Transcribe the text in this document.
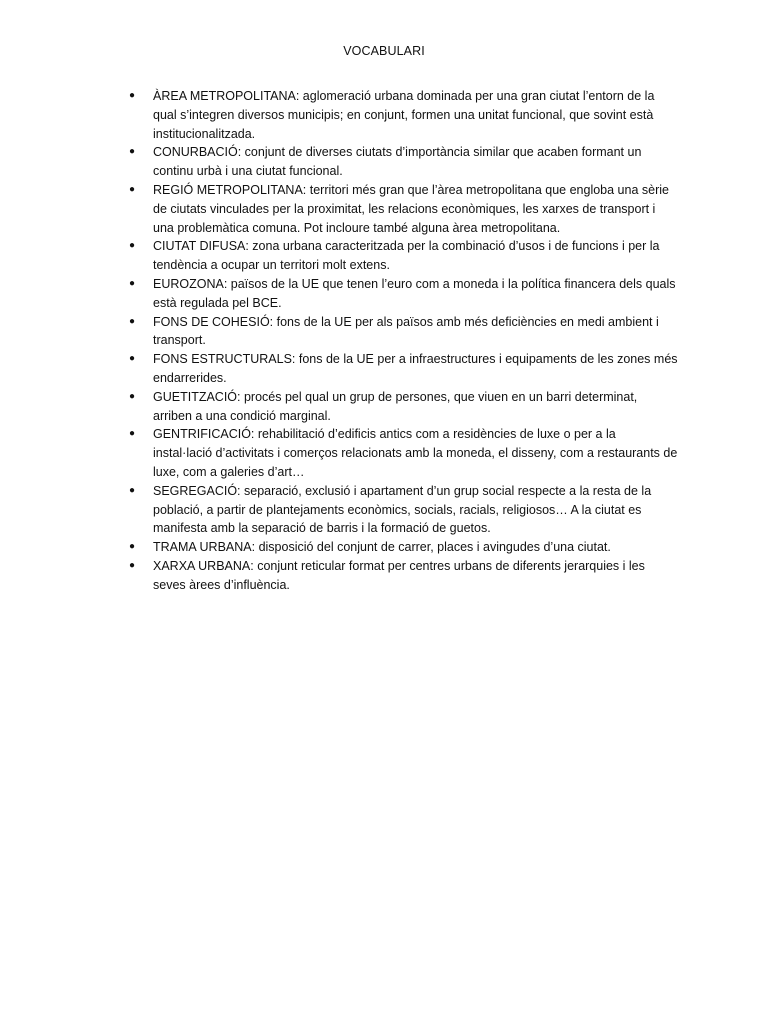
VOCABULARI
● ÀREA METROPOLITANA: aglomeració urbana dominada per una gran ciutat l’entorn de la qual s’integren diversos municipis; en conjunt, formen una unitat funcional, que sovint està institucionalitzada.
● CONURBACIÓ: conjunt de diverses ciutats d’importància similar que acaben formant un continu urbà i una ciutat funcional.
● REGIÓ METROPOLITANA: territori més gran que l’àrea metropolitana que engloba una sèrie de ciutats vinculades per la proximitat, les relacions econòmiques, les xarxes de transport i una problemàtica comuna. Pot incloure també alguna àrea metropolitana.
● CIUTAT DIFUSA: zona urbana caracteritzada per la combinació d’usos i de funcions i per la tendència a ocupar un territori molt extens.
● EUROZONA: països de la UE que tenen l’euro com a moneda i la política financera dels quals està regulada pel BCE.
● FONS DE COHESIÓ: fons de la UE per als països amb més deficiències en medi ambient i transport.
● FONS ESTRUCTURALS: fons de la UE per a infraestructures i equipaments de les zones més endarrerides.
● GUETITZACIÓ: procés pel qual un grup de persones, que viuen en un barri determinat, arriben a una condició marginal.
● GENTRIFICACIÓ: rehabilitació d’edificis antics com a residències de luxe o per a la instal·lació d’activitats i comerços relacionats amb la moneda, el disseny, com a restaurants de luxe, com a galeries d’art…
● SEGREGACIÓ: separació, exclusió i apartament d’un grup social respecte a la resta de la població, a partir de plantejaments econòmics, socials, racials, religiosos… A la ciutat es manifesta amb la separació de barris i la formació de guetos.
● TRAMA URBANA: disposició del conjunt de carrer, places i avingudes d’una ciutat.
● XARXA URBANA: conjunt reticular format per centres urbans de diferents jerarquies i les seves àrees d’influència.
